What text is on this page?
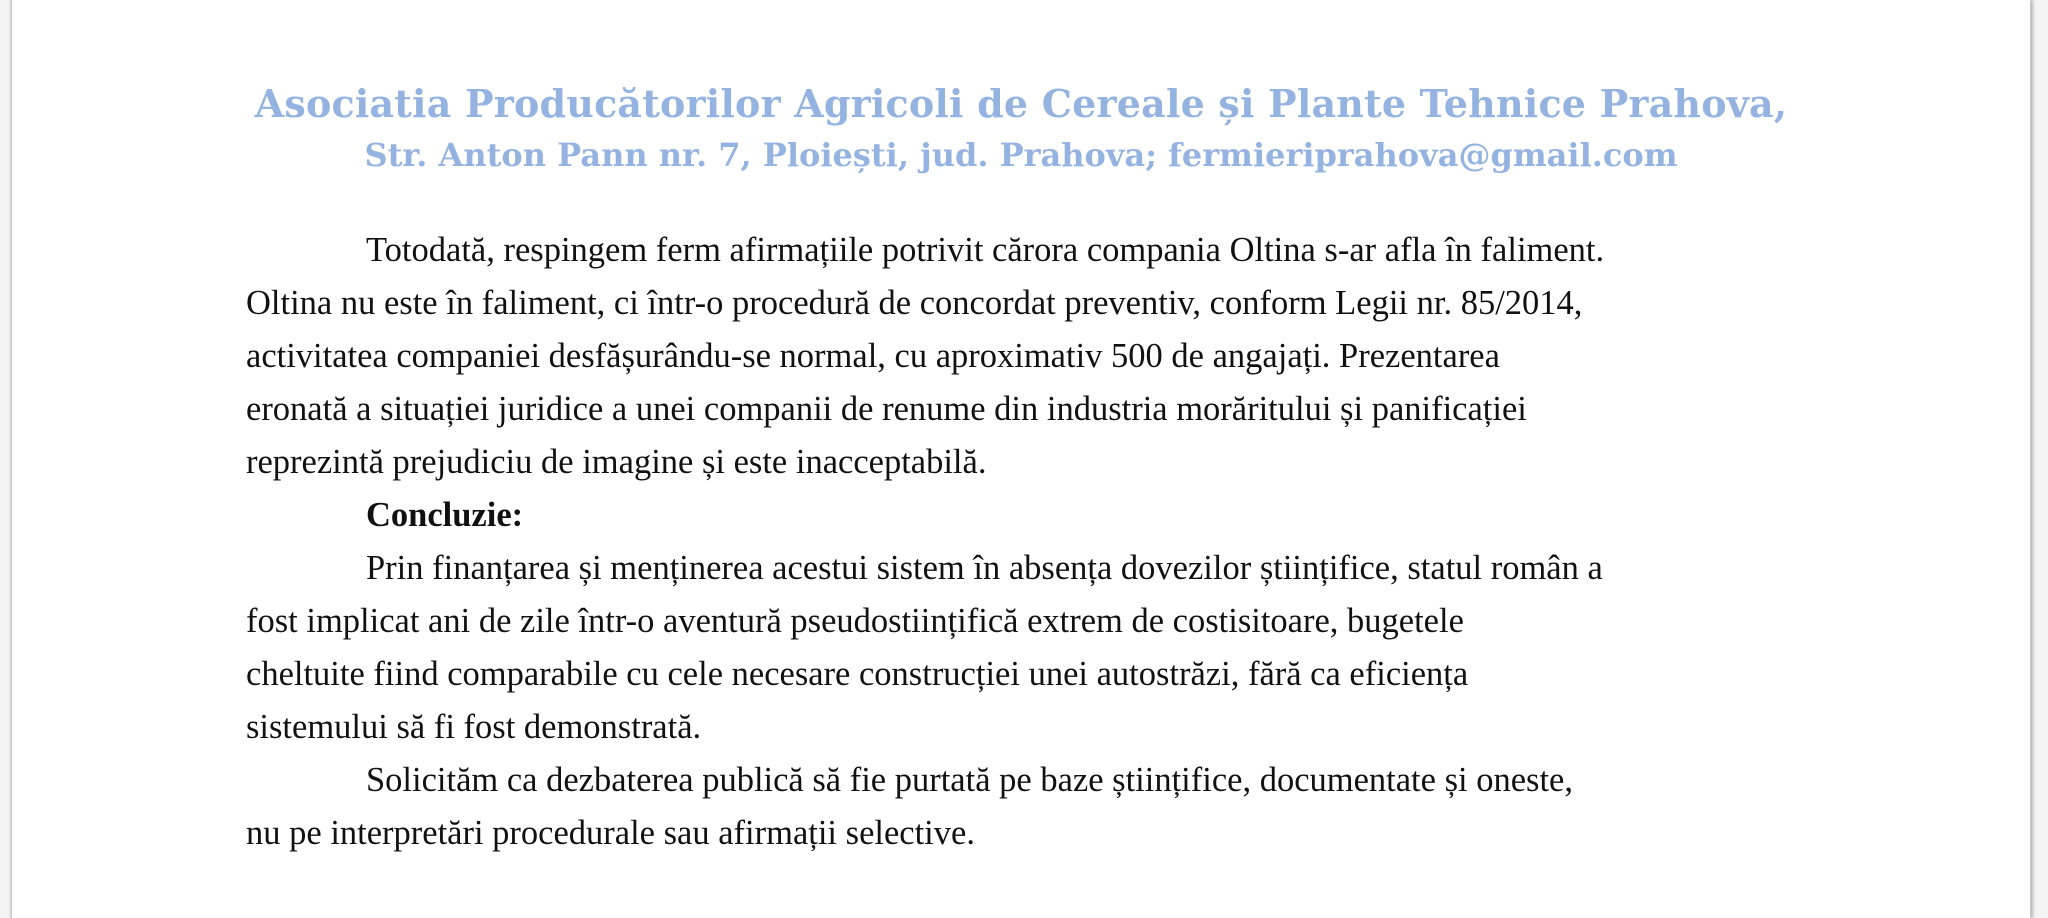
Asociatia Producătorilor Agricoli de Cereale și Plante Tehnice Prahova,
Str. Anton Pann nr. 7, Ploiești, jud. Prahova; fermieriprahova@gmail.com
Totodată, respingem ferm afirmațiile potrivit cărora compania Oltina s-ar afla în faliment.
Oltina nu este în faliment, ci într-o procedură de concordat preventiv, conform Legii nr. 85/2014,
activitatea companiei desfășurându-se normal, cu aproximativ 500 de angajați. Prezentarea
eronată a situației juridice a unei companii de renume din industria morăritului și panificației
reprezintă prejudiciu de imagine și este inacceptabilă.
Concluzie:
Prin finanțarea și menținerea acestui sistem în absența dovezilor științifice, statul român a
fost implicat ani de zile într-o aventură pseudostiințifică extrem de costisitoare, bugetele
cheltuite fiind comparabile cu cele necesare construcției unei autostrăzi, fără ca eficiența
sistemului să fi fost demonstrată.
Solicităm ca dezbaterea publică să fie purtată pe baze științifice, documentate și oneste,
nu pe interpretări procedurale sau afirmații selective.
